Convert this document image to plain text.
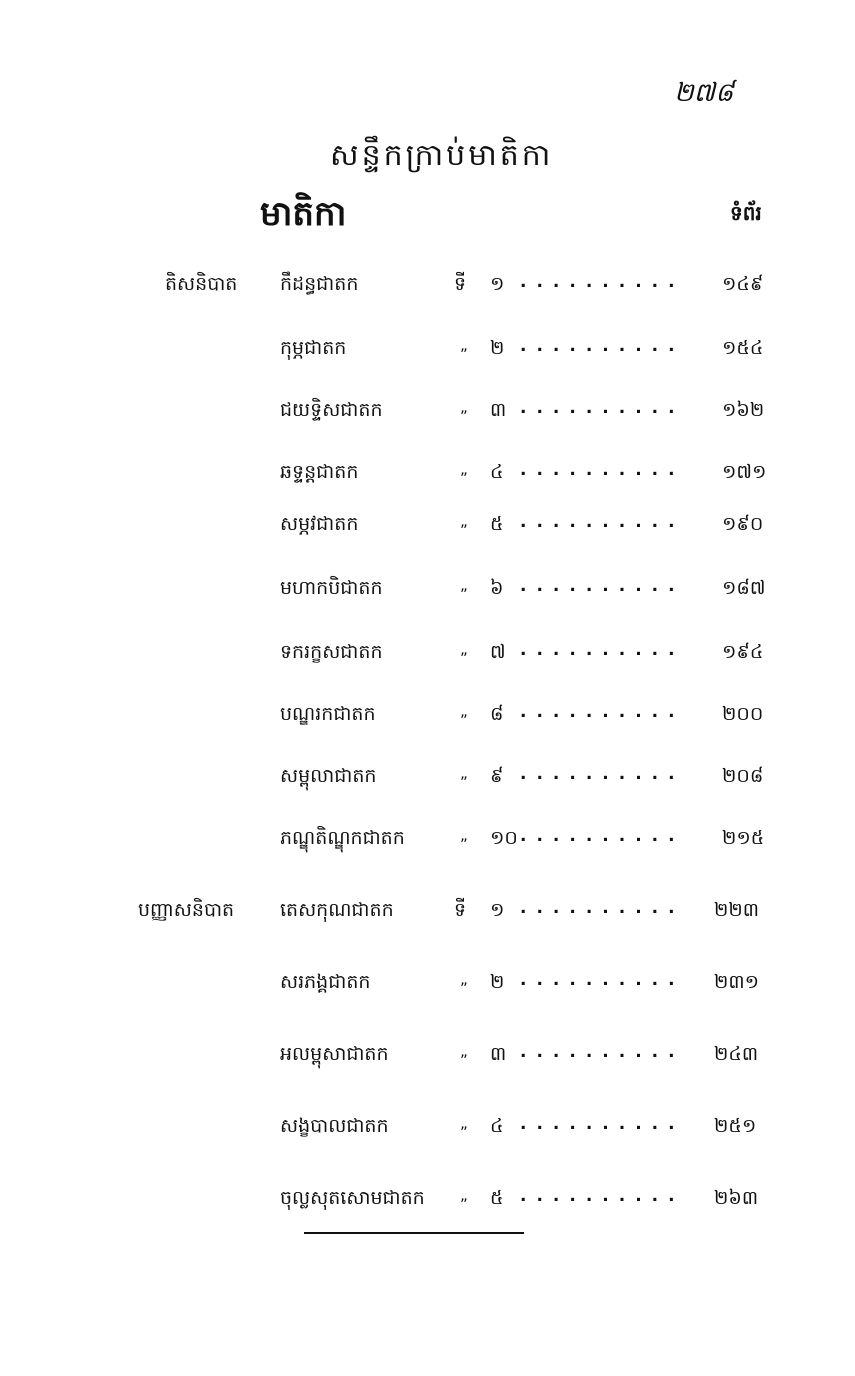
២៧៨
សន្ទឹកក្រាប់មាតិកា
មាតិកា	ទំព័រ
តិសនិបាត កឹដន្ធជាតក	ទី ១ ..........	១៤៩
កុម្ភជាតក	„ ២ ..........	១៥៤
ជយទ្ទិសជាតក	„ ៣ ..........	១៦២
ឆទ្ទន្តជាតក	„ ៤ ..........	១៧១
សម្ភវជាតក	„ ៥ ..........	១៩០
មហាកបិជាតក	„ ៦ ..........	១៨៧
ទករក្ខសជាតក	„ ៧ ..........	១៩៤
បណ្ឌរកជាតក	„ ៨ ..........	២០០
សម្ពុលាជាតក	„ ៩ ..........	២០៨
ភណ្ឌុតិណ្ឌុកជាតក	„ ១០ ..........	២១៥
បញ្ញាសនិបាត តេសកុណជាតក	ទី ១ ..........	២២៣
សរភង្គជាតក	„ ២ ..........	២៣១
អលម្ពុសាជាតក	„ ៣ ..........	២៤៣
សង្ខបាលជាតក	„ ៤ ..........	២៥១
ចុល្លសុតសោមជាតក „ ៥ ..........	២៦៣
